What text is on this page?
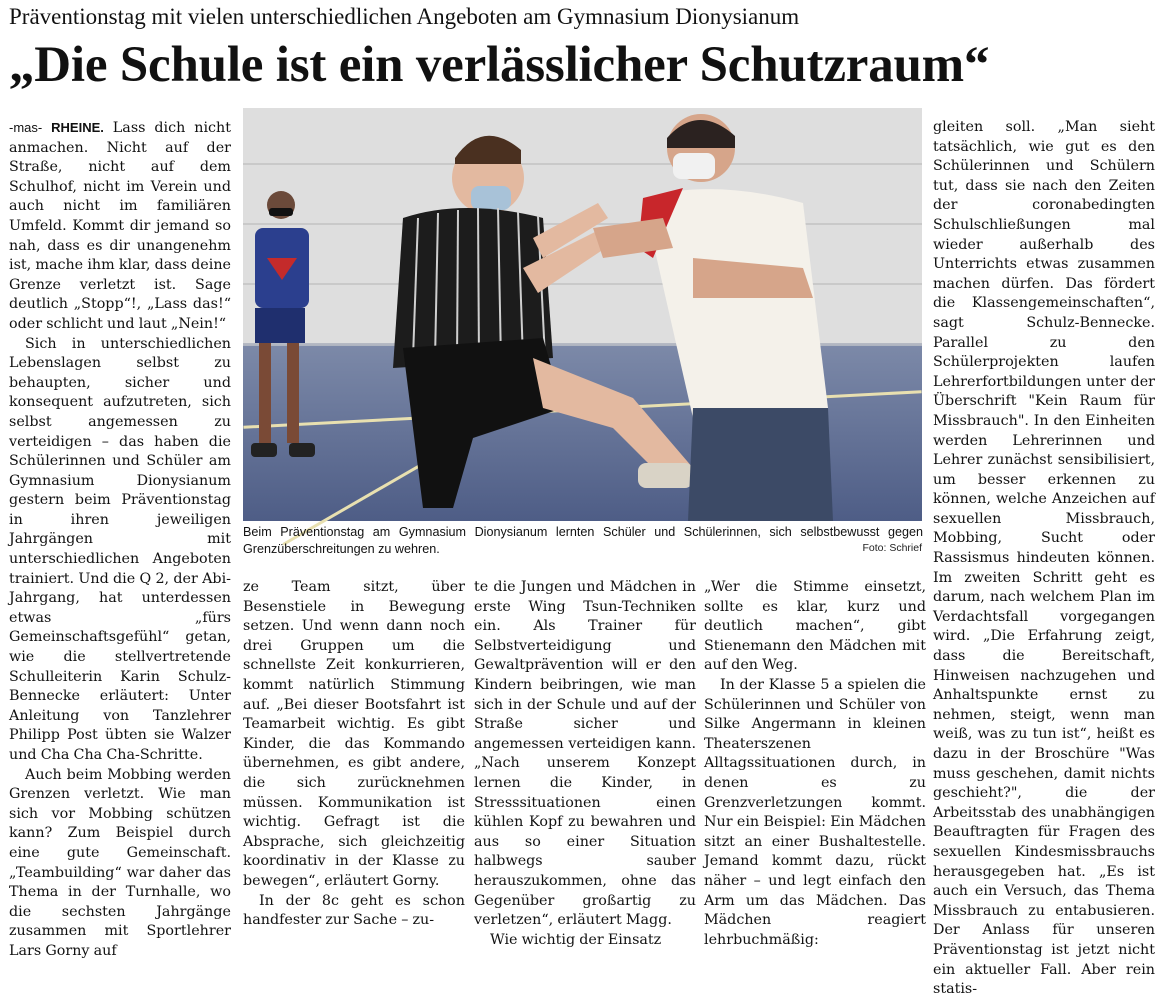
Präventionstag mit vielen unterschiedlichen Angeboten am Gymnasium Dionysianum
„Die Schule ist ein verlässlicher Schutzraum“

-mas- RHEINE. Lass dich nicht anmachen. Nicht auf der Straße, nicht auf dem Schulhof, nicht im Verein und auch nicht im familiären Umfeld. Kommt dir jemand so nah, dass es dir unangenehm ist, mache ihm klar, dass deine Grenze verletzt ist. Sage deutlich „Stopp“!, „Lass das!“ oder schlicht und laut „Nein!“

Sich in unterschiedlichen Lebenslagen selbst zu behaupten, sicher und konsequent aufzutreten, sich selbst angemessen zu verteidigen – das haben die Schülerinnen und Schüler am Gymnasium Dionysianum gestern beim Präventionstag in ihren jeweiligen Jahrgängen mit unterschiedlichen Angeboten trainiert. Und die Q 2, der Abi-Jahrgang, hat unterdessen etwas „fürs Gemeinschaftsgefühl“ getan, wie die stellvertretende Schulleiterin Karin Schulz-Bennecke erläutert: Unter Anleitung von Tanzlehrer Philipp Post übten sie Walzer und Cha Cha Cha-Schritte.

Auch beim Mobbing werden Grenzen verletzt. Wie man sich vor Mobbing schützen kann? Zum Beispiel durch eine gute Gemeinschaft. „Teambuilding“ war daher das Thema in der Turnhalle, wo die sechsten Jahrgänge zusammen mit Sportlehrer Lars Gorny auf

Beim Präventionstag am Gymnasium Dionysianum lernten Schüler und Schülerinnen, sich selbstbewusst gegen Grenzüberschreitungen zu wehren.	Foto: Schrief

ze Team sitzt, über Besenstiele in Bewegung setzen. Und wenn dann noch drei Gruppen um die schnellste Zeit konkurrieren, kommt natürlich Stimmung auf. „Bei dieser Bootsfahrt ist Teamarbeit wichtig. Es gibt Kinder, die das Kommando übernehmen, es gibt andere, die sich zurücknehmen müssen. Kommunikation ist wichtig. Gefragt ist die Absprache, sich gleichzeitig koordinativ in der Klasse zu bewegen“, erläutert Gorny.

In der 8c geht es schon handfester zur Sache – zu-

te die Jungen und Mädchen in erste Wing Tsun-Techniken ein. Als Trainer für Selbstverteidigung und Gewaltprävention will er den Kindern beibringen, wie man sich in der Schule und auf der Straße sicher und angemessen verteidigen kann. „Nach unserem Konzept lernen die Kinder, in Stresssituationen einen kühlen Kopf zu bewahren und aus so einer Situation halbwegs sauber herauszukommen, ohne das Gegenüber großartig zu verletzen“, erläutert Magg.

Wie wichtig der Einsatz

„Wer die Stimme einsetzt, sollte es klar, kurz und deutlich machen“, gibt Stienemann den Mädchen mit auf den Weg.

In der Klasse 5 a spielen die Schülerinnen und Schüler von Silke Angermann in kleinen Theaterszenen Alltagssituationen durch, in denen es zu Grenzverletzungen kommt. Nur ein Beispiel: Ein Mädchen sitzt an einer Bushaltestelle. Jemand kommt dazu, rückt näher – und legt einfach den Arm um das Mädchen. Das Mädchen reagiert lehrbuchmäßig:

gleiten soll. „Man sieht tatsächlich, wie gut es den Schülerinnen und Schülern tut, dass sie nach den Zeiten der coronabedingten Schulschließungen mal wieder außerhalb des Unterrichts etwas zusammen machen dürfen. Das fördert die Klassengemeinschaften“, sagt Schulz-Bennecke. Parallel zu den Schülerprojekten laufen Lehrerfortbildungen unter der Überschrift "Kein Raum für Missbrauch". In den Einheiten werden Lehrerinnen und Lehrer zunächst sensibilisiert, um besser erkennen zu können, welche Anzeichen auf sexuellen Missbrauch, Mobbing, Sucht oder Rassismus hindeuten können. Im zweiten Schritt geht es darum, nach welchem Plan im Verdachtsfall vorgegangen wird. „Die Erfahrung zeigt, dass die Bereitschaft, Hinweisen nachzugehen und Anhaltspunkte ernst zu nehmen, steigt, wenn man weiß, was zu tun ist“, heißt es dazu in der Broschüre "Was muss geschehen, damit nichts geschieht?", die der Arbeitsstab des unabhängigen Beauftragten für Fragen des sexuellen Kindesmissbrauchs herausgegeben hat. „Es ist auch ein Versuch, das Thema Missbrauch zu entabusieren. Der Anlass für unseren Präventionstag ist jetzt nicht ein aktueller Fall. Aber rein statis-
